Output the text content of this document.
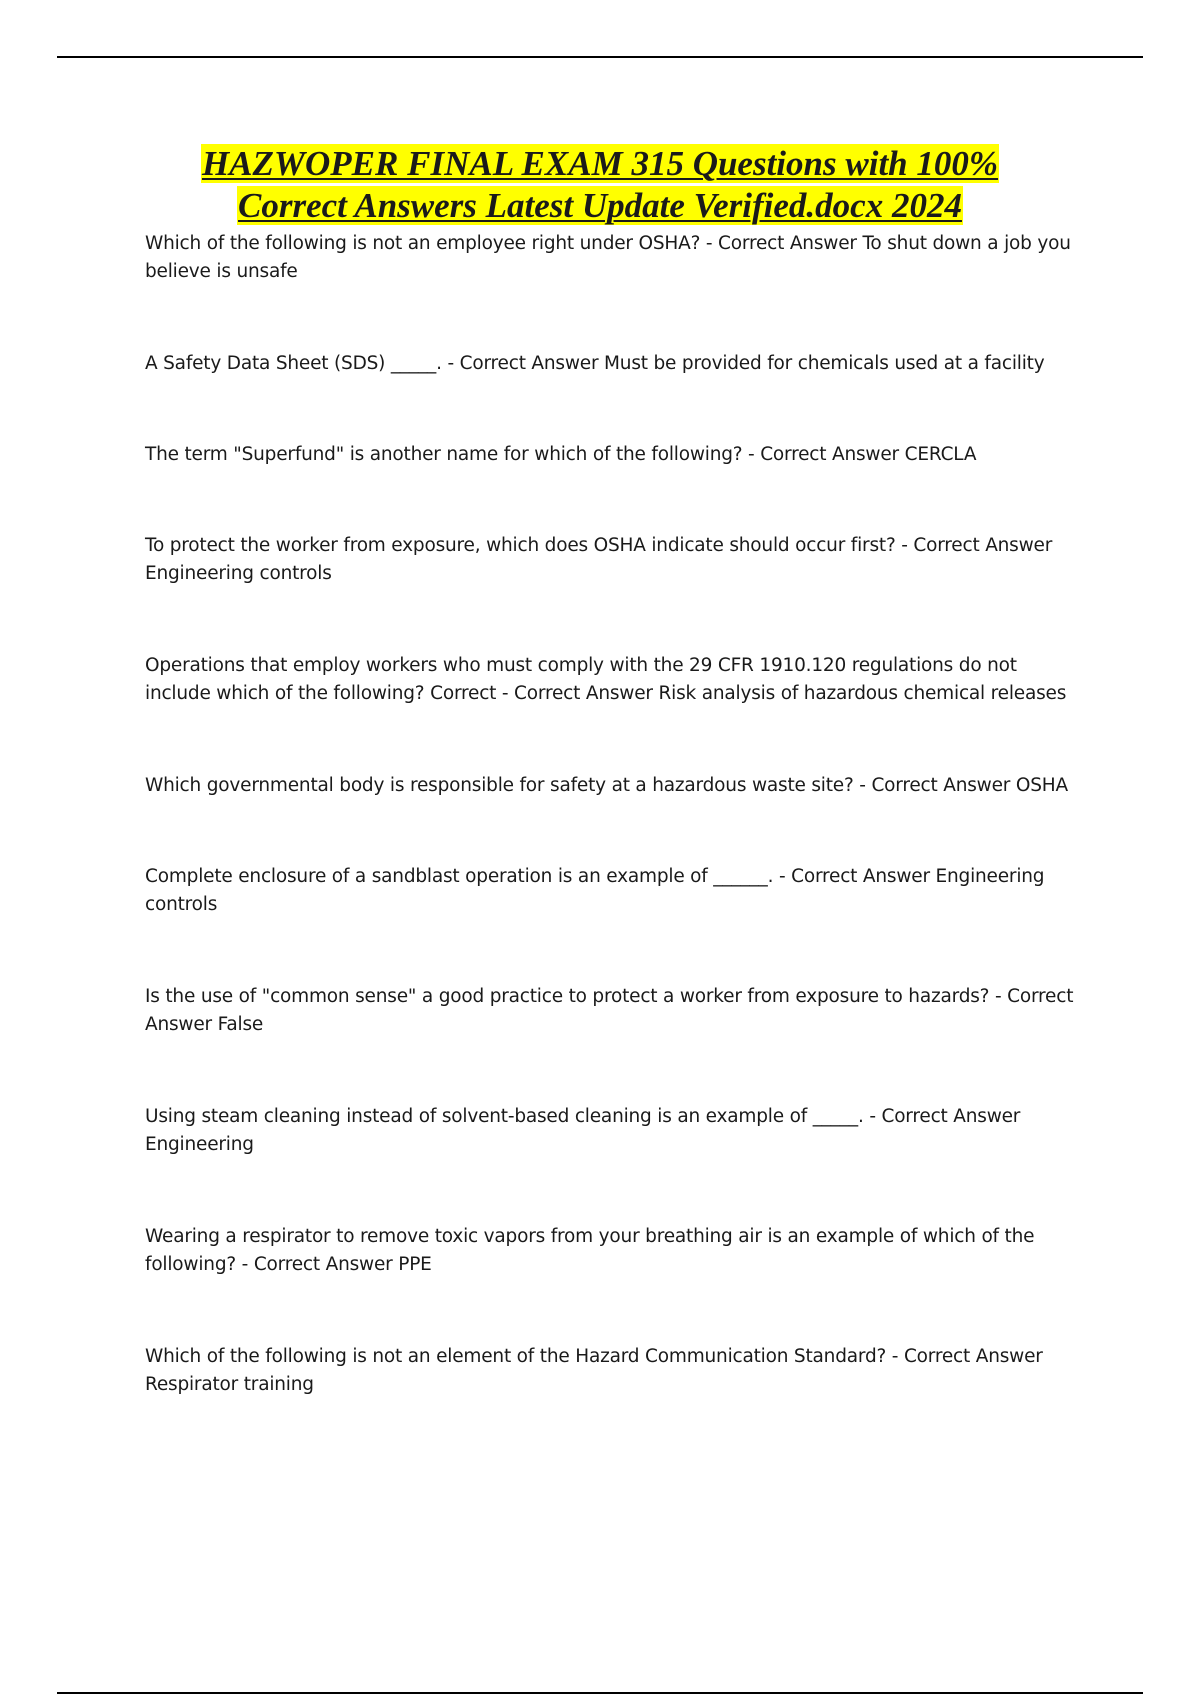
HAZWOPER FINAL EXAM 315 Questions with 100%
Correct Answers Latest Update Verified.docx 2024

Which of the following is not an employee right under OSHA? - Correct Answer To shut down a job you believe is unsafe

A Safety Data Sheet (SDS) _____. - Correct Answer Must be provided for chemicals used at a facility

The term "Superfund" is another name for which of the following? - Correct Answer CERCLA

To protect the worker from exposure, which does OSHA indicate should occur first? - Correct Answer Engineering controls

Operations that employ workers who must comply with the 29 CFR 1910.120 regulations do not include which of the following? Correct - Correct Answer Risk analysis of hazardous chemical releases

Which governmental body is responsible for safety at a hazardous waste site? - Correct Answer OSHA

Complete enclosure of a sandblast operation is an example of ______. - Correct Answer Engineering controls

Is the use of "common sense" a good practice to protect a worker from exposure to hazards? - Correct Answer False

Using steam cleaning instead of solvent-based cleaning is an example of _____. - Correct Answer Engineering

Wearing a respirator to remove toxic vapors from your breathing air is an example of which of the following? - Correct Answer PPE

Which of the following is not an element of the Hazard Communication Standard? - Correct Answer Respirator training
